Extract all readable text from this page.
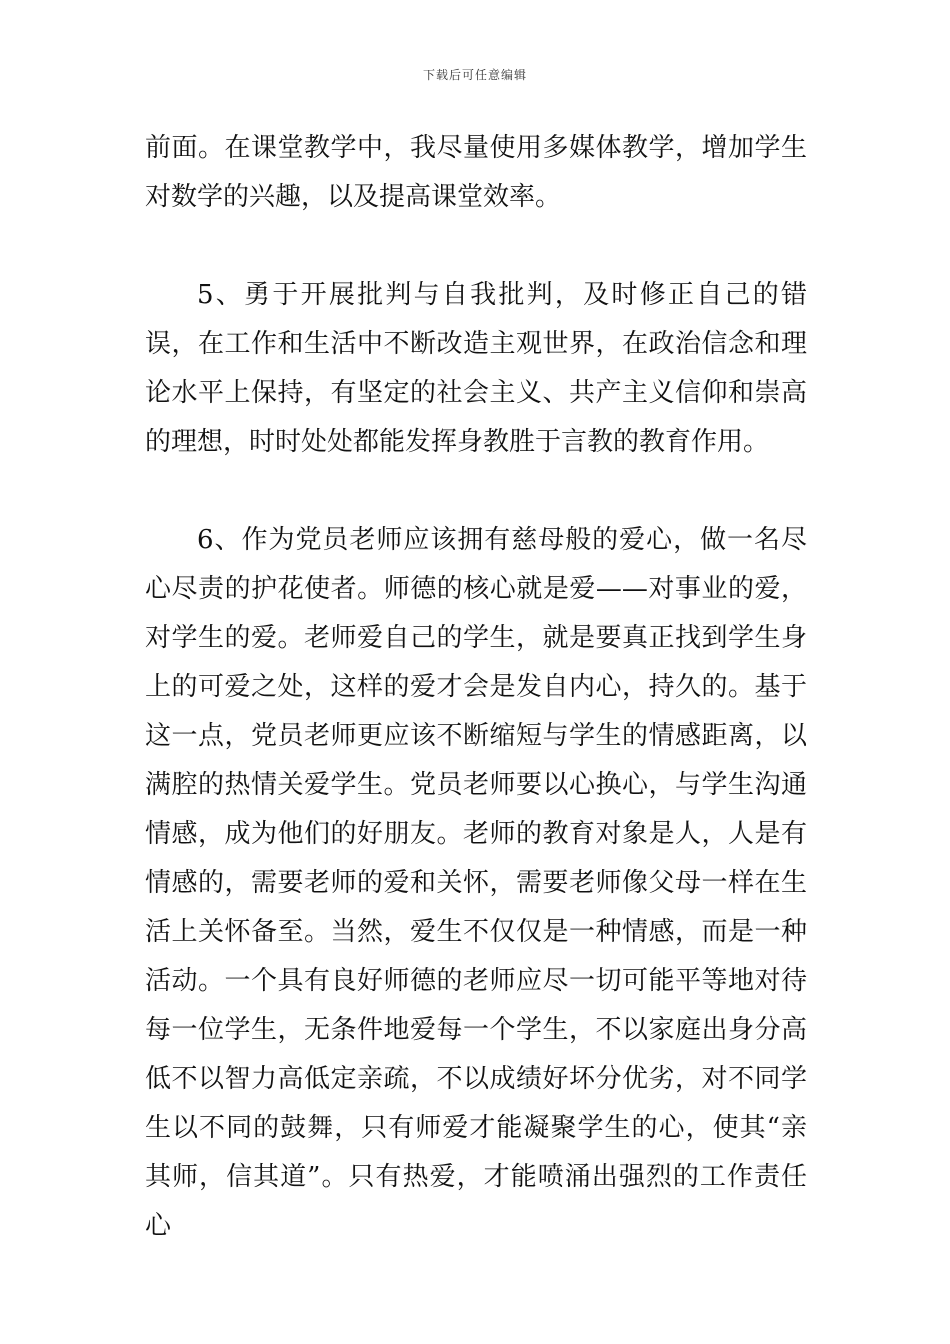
下载后可任意编辑

前面。在课堂教学中，我尽量使用多媒体教学，增加学生对数学的兴趣，以及提高课堂效率。

5、勇于开展批判与自我批判，及时修正自己的错误，在工作和生活中不断改造主观世界，在政治信念和理论水平上保持，有坚定的社会主义、共产主义信仰和崇高的理想，时时处处都能发挥身教胜于言教的教育作用。

6、作为党员老师应该拥有慈母般的爱心，做一名尽心尽责的护花使者。师德的核心就是爱——对事业的爱，对学生的爱。老师爱自己的学生，就是要真正找到学生身上的可爱之处，这样的爱才会是发自内心，持久的。基于这一点，党员老师更应该不断缩短与学生的情感距离，以满腔的热情关爱学生。党员老师要以心换心，与学生沟通情感，成为他们的好朋友。老师的教育对象是人，人是有情感的，需要老师的爱和关怀，需要老师像父母一样在生活上关怀备至。当然，爱生不仅仅是一种情感，而是一种活动。一个具有良好师德的老师应尽一切可能平等地对待每一位学生，无条件地爱每一个学生，不以家庭出身分高低不以智力高低定亲疏，不以成绩好坏分优劣，对不同学生以不同的鼓舞，只有师爱才能凝聚学生的心，使其“亲其师，信其道”。只有热爱，才能喷涌出强烈的工作责任心
